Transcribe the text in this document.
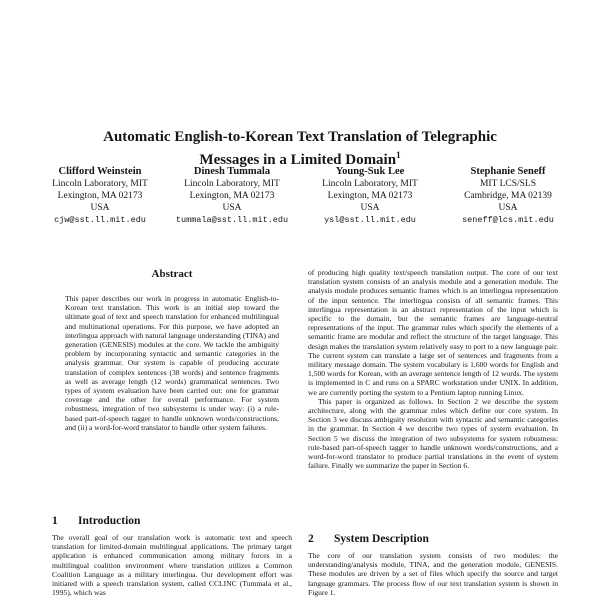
Automatic English-to-Korean Text Translation of Telegraphic
Messages in a Limited Domain$^1$
Clifford Weinstein
Lincoln Laboratory, MIT
Lexington, MA 02173
USA
cjw@sst.ll.mit.edu
Dinesh Tummala
Lincoln Laboratory, MIT
Lexington, MA 02173
USA
tummala@sst.ll.mit.edu
Young-Suk Lee
Lincoln Laboratory, MIT
Lexington, MA 02173
USA
ysl@sst.ll.mit.edu
Stephanie Seneff
MIT LCS/SLS
Cambridge, MA 02139
USA
seneff@lcs.mit.edu
Abstract

This paper describes our work in progress in automatic English-to-Korean text translation. This work is an initial step toward the ultimate goal of text and speech translation for enhanced multilingual and multinational operations. For this purpose, we have adopted an interlingua approach with natural language understanding (TINA) and generation (GENESIS) modules at the core. We tackle the ambiguity problem by incorporating syntactic and semantic categories in the analysis grammar. Our system is capable of producing accurate translation of complex sentences (38 words) and sentence fragments as well as average length (12 words) grammatical sentences. Two types of system evaluation have been carried out: one for grammar coverage and the other for overall performance. For system robustness, integration of two subsystems is under way: (i) a rule-based part-of-speech tagger to handle unknown words/constructions, and (ii) a word-for-word translator to handle other system failures.

1 Introduction

The overall goal of our translation work is automatic text and speech translation for limited-domain multilingual applications. The primary target application is enhanced communication among military forces in a multilingual coalition environment where translation utilizes a Common Coalition Language as a military interlingua. Our development effort was initiated with a speech translation system, called CCLINC (Tummala et al., 1995), which was

of producing high quality text/speech translation output. The core of our text translation system consists of an analysis module and a generation module. The analysis module produces semantic frames which is an interlingua representation of the input sentence. The interlingua consists of all semantic frames. This interlingua representation is an abstract representation of the input which is specific to the domain, but the semantic frames are language-neutral representations of the input. The grammar rules which specify the elements of a semantic frame are modular and reflect the structure of the target language. This design makes the translation system relatively easy to port to a new language pair. The current system can translate a large set of sentences and fragments from a military message domain. The system vocabulary is 1,600 words for English and 1,500 words for Korean, with an average sentence length of 12 words. The system is implemented in C and runs on a SPARC workstation under UNIX. In addition, we are currently porting the system to a Pentium laptop running Linux.

This paper is organized as follows. In Section 2 we describe the system architecture, along with the grammar rules which define our core system. In Section 3 we discuss ambiguity resolution with syntactic and semantic categories in the grammar. In Section 4 we describe two types of system evaluation. In Section 5 we discuss the integration of two subsystems for system robustness: rule-based part-of-speech tagger to handle unknown words/constructions, and a word-for-word translator to produce partial translations in the event of system failure. Finally we summarize the paper in Section 6.

2 System Description

The core of our translation system consists of two modules: the understanding/analysis module, TINA, and the generation module, GENESIS. These modules are driven by a set of files which specify the source and target language grammars. The process flow of our text translation system is shown in Figure 1.
